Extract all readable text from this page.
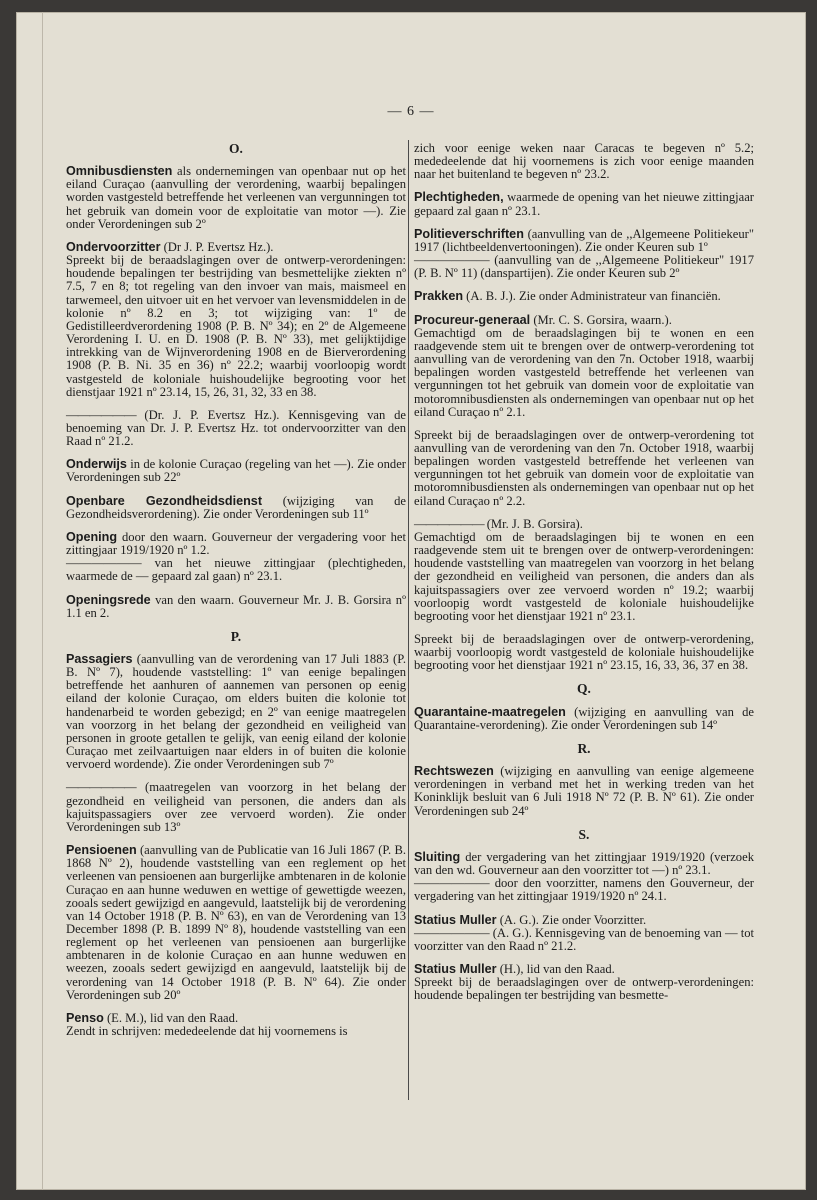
— 6 —
O.

Omnibusdiensten als ondernemingen van openbaar nut op het eiland Curaçao (aanvulling der verordening, waarbij bepalingen worden vastgesteld betreffende het verleenen van vergunningen tot het gebruik van domein voor de exploitatie van motor —). Zie onder Verordeningen sub 2º

Ondervoorzitter (Dr J. P. Evertsz Hz.).

Spreekt bij de beraadslagingen over de ontwerp-verordeningen: houdende bepalingen ter bestrijding van besmettelijke ziekten nº 7.5, 7 en 8; tot regeling van den invoer van mais, maismeel en tarwemeel, den uitvoer uit en het vervoer van levensmiddelen in de kolonie nº 8.2 en 3; tot wijziging van: 1º de Gedistilleerdverordening 1908 (P. B. Nº 34); en 2º de Algemeene Verordening I. U. en D. 1908 (P. B. Nº 33), met gelijktijdige intrekking van de Wijnverordening 1908 en de Bierverordening 1908 (P. B. Ni. 35 en 36) nº 22.2; waarbij voorloopig wordt vastgesteld de koloniale huishoudelijke begrooting voor het dienstjaar 1921 nº 23.14, 15, 26, 31, 32, 33 en 38.

—————— (Dr. J. P. Evertsz Hz.). Kennisgeving van de benoeming van Dr. J. P. Evertsz Hz. tot ondervoorzitter van den Raad nº 21.2.

Onderwijs in de kolonie Curaçao (regeling van het —). Zie onder Verordeningen sub 22º

Openbare Gezondheidsdienst (wijziging van de Gezondheidsverordening). Zie onder Verordeningen sub 11º

Opening door den waarn. Gouverneur der vergadering voor het zittingjaar 1919/1920 nº 1.2.

—————— van het nieuwe zittingjaar (plechtigheden, waarmede de — gepaard zal gaan) nº 23.1.

Openingsrede van den waarn. Gouverneur Mr. J. B. Gorsira nº 1.1 en 2.

P.

Passagiers (aanvulling van de verordening van 17 Juli 1883 (P. B. Nº 7), houdende vaststelling: 1º van eenige bepalingen betreffende het aanhuren of aannemen van personen op eenig eiland der kolonie Curaçao, om elders buiten die kolonie tot handenarbeid te worden gebezigd; en 2º van eenige maatregelen van voorzorg in het belang der gezondheid en veiligheid van personen in groote getallen te gelijk, van eenig eiland der kolonie Curaçao met zeilvaartuigen naar elders in of buiten die kolonie vervoerd wordende). Zie onder Verordeningen sub 7º

—————— (maatregelen van voorzorg in het belang der gezondheid en veiligheid van personen, die anders dan als kajuitspassagiers over zee vervoerd worden). Zie onder Verordeningen sub 13º

Pensioenen (aanvulling van de Publicatie van 16 Juli 1867 (P. B. 1868 Nº 2), houdende vaststelling van een reglement op het verleenen van pensioenen aan burgerlijke ambtenaren in de kolonie Curaçao en aan hunne weduwen en wettige of gewettigde weezen, zooals sedert gewijzigd en aangevuld, laatstelijk bij de verordening van 14 October 1918 (P. B. Nº 63), en van de Verordening van 13 December 1898 (P. B. 1899 Nº 8), houdende vaststelling van een reglement op het verleenen van pensioenen aan burgerlijke ambtenaren in de kolonie Curaçao en aan hunne weduwen en weezen, zooals sedert gewijzigd en aangevuld, laatstelijk bij de verordening van 14 October 1918 (P. B. Nº 64). Zie onder Verordeningen sub 20º

Penso (E. M.), lid van den Raad.

Zendt in schrijven: mededeelende dat hij voornemens is

zich voor eenige weken naar Caracas te begeven nº 5.2; mededeelende dat hij voornemens is zich voor eenige maanden naar het buitenland te begeven nº 23.2.

Plechtigheden, waarmede de opening van het nieuwe zittingjaar gepaard zal gaan nº 23.1.

Politieverschriften (aanvulling van de ,,Algemeene Politiekeur" 1917 (lichtbeeldenvertooningen). Zie onder Keuren sub 1º

—————— (aanvulling van de ,,Algemeene Politiekeur" 1917 (P. B. Nº 11) (danspartijen). Zie onder Keuren sub 2º

Prakken (A. B. J.). Zie onder Administrateur van financiën.

Procureur-generaal (Mr. C. S. Gorsira, waarn.).

Gemachtigd om de beraadslagingen bij te wonen en een raadgevende stem uit te brengen over de ontwerp-verordening tot aanvulling van de verordening van den 7n. October 1918, waarbij bepalingen worden vastgesteld betreffende het verleenen van vergunningen tot het gebruik van domein voor de exploitatie van motoromnibusdiensten als ondernemingen van openbaar nut op het eiland Curaçao nº 2.1.

Spreekt bij de beraadslagingen over de ontwerp-verordening tot aanvulling van de verordening van den 7n. October 1918, waarbij bepalingen worden vastgesteld betreffende het verleenen van vergunningen tot het gebruik van domein voor de exploitatie van motoromnibusdiensten als ondernemingen van openbaar nut op het eiland Curaçao nº 2.2.

—————— (Mr. J. B. Gorsira).

Gemachtigd om de beraadslagingen bij te wonen en een raadgevende stem uit te brengen over de ontwerp-verordeningen: houdende vaststelling van maatregelen van voorzorg in het belang der gezondheid en veiligheid van personen, die anders dan als kajuitspassagiers over zee vervoerd worden nº 19.2; waarbij voorloopig wordt vastgesteld de koloniale huishoudelijke begrooting voor het dienstjaar 1921 nº 23.1.

Spreekt bij de beraadslagingen over de ontwerp-verordening, waarbij voorloopig wordt vastgesteld de koloniale huishoudelijke begrooting voor het dienstjaar 1921 nº 23.15, 16, 33, 36, 37 en 38.

Q.

Quarantaine-maatregelen (wijziging en aanvulling van de Quarantaine-verordening). Zie onder Verordeningen sub 14º

R.

Rechtswezen (wijziging en aanvulling van eenige algemeene verordeningen in verband met het in werking treden van het Koninklijk besluit van 6 Juli 1918 Nº 72 (P. B. Nº 61). Zie onder Verordeningen sub 24º

S.

Sluiting der vergadering van het zittingjaar 1919/1920 (verzoek van den wd. Gouverneur aan den voorzitter tot —) nº 23.1.

—————— door den voorzitter, namens den Gouverneur, der vergadering van het zittingjaar 1919/1920 nº 24.1.

Statius Muller (A. G.). Zie onder Voorzitter.

—————— (A. G.). Kennisgeving van de benoeming van — tot voorzitter van den Raad nº 21.2.

Statius Muller (H.), lid van den Raad.

Spreekt bij de beraadslagingen over de ontwerp-verordeningen: houdende bepalingen ter bestrijding van besmette-
